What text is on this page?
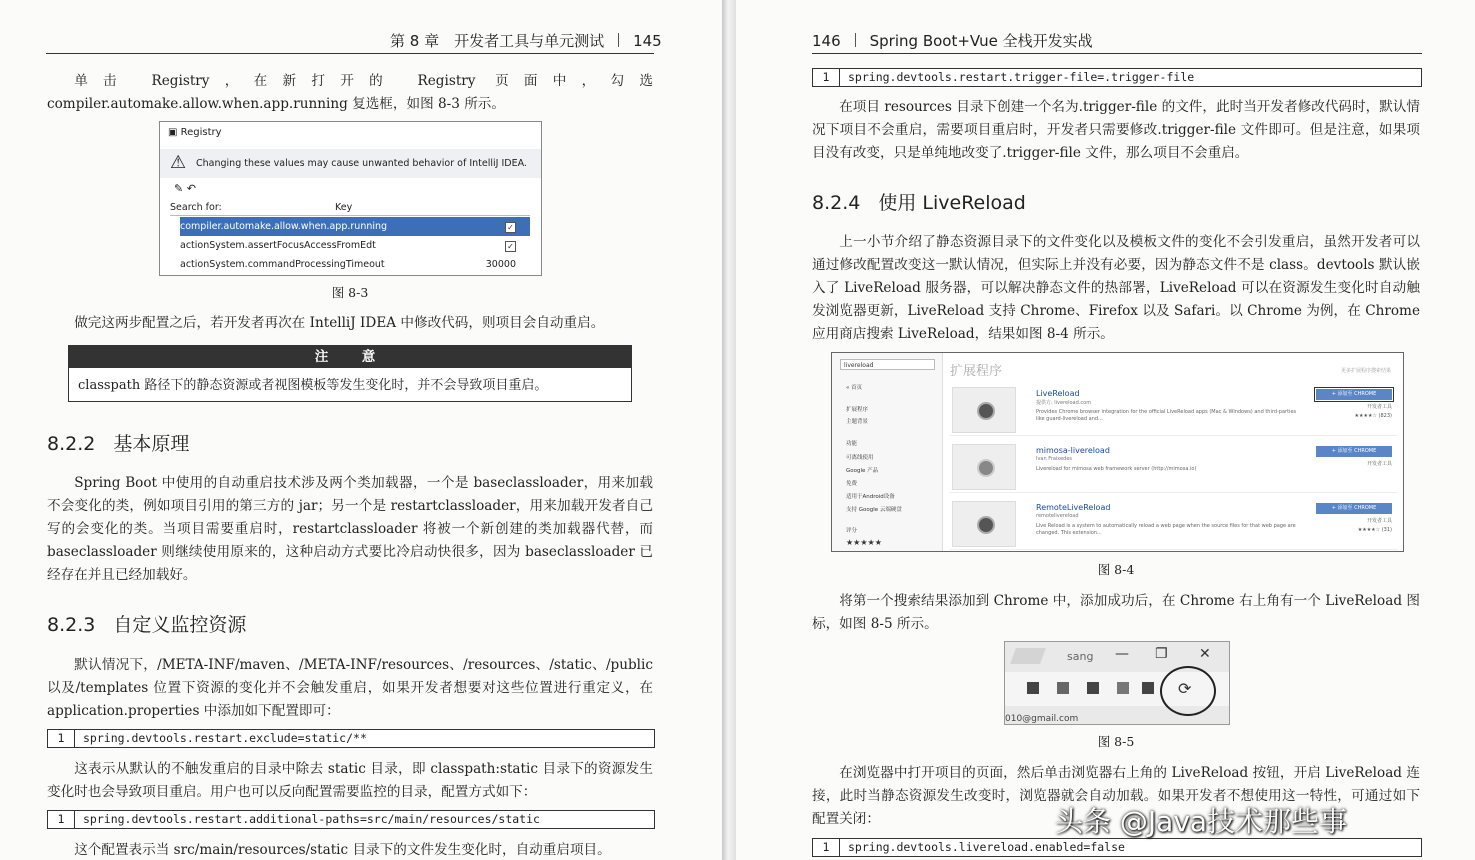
第 8 章　开发者工具与单元测试 145

单击 Registry，在新打开的 Registry 页面中，勾选 compiler.automake.allow.when.app.running 复选框，如图 8-3 所示。

▣ Registry
⚠ Changing these values may cause unwanted behavior of IntelliJ IDEA.
✎ ↶
Search for:	Key
compiler.automake.allow.when.app.running	✓
actionSystem.assertFocusAccessFromEdt	✓
actionSystem.commandProcessingTimeout	30000
图 8-3

做完这两步配置之后，若开发者再次在 IntelliJ IDEA 中修改代码，则项目会自动重启。

注　意
classpath 路径下的静态资源或者视图模板等发生变化时，并不会导致项目重启。
8.2.2 基本原理

Spring Boot 中使用的自动重启技术涉及两个类加载器，一个是 baseclassloader，用来加载不会变化的类，例如项目引用的第三方的 jar；另一个是 restartclassloader，用来加载开发者自己写的会变化的类。当项目需要重启时，restartclassloader 将被一个新创建的类加载器代替，而 baseclassloader 则继续使用原来的，这种启动方式要比冷启动快很多，因为 baseclassloader 已经存在并且已经加载好。

8.2.3 自定义监控资源

默认情况下，/META-INF/maven、/META-INF/resources、/resources、/static、/public 以及/templates 位置下资源的变化并不会触发重启，如果开发者想要对这些位置进行重定义，在 application.properties 中添加如下配置即可：

1 spring.devtools.restart.exclude=static/**

这表示从默认的不触发重启的目录中除去 static 目录，即 classpath:static 目录下的资源发生变化时也会导致项目重启。用户也可以反向配置需要监控的目录，配置方式如下：

1 spring.devtools.restart.additional-paths=src/main/resources/static

这个配置表示当 src/main/resources/static 目录下的文件发生变化时，自动重启项目。

146 Spring Boot+Vue 全栈开发实战
1 spring.devtools.restart.trigger-file=.trigger-file

在项目 resources 目录下创建一个名为.trigger-file 的文件，此时当开发者修改代码时，默认情况下项目不会重启，需要项目重启时，开发者只需要修改.trigger-file 文件即可。但是注意，如果项目没有改变，只是单纯地改变了.trigger-file 文件，那么项目不会重启。

8.2.4 使用 LiveReload

上一小节介绍了静态资源目录下的文件变化以及模板文件的变化不会引发重启，虽然开发者可以通过修改配置改变这一默认情况，但实际上并没有必要，因为静态文件不是 class。devtools 默认嵌入了 LiveReload 服务器，可以解决静态文件的热部署，LiveReload 可以在资源发生变化时自动触发浏览器更新，LiveReload 支持 Chrome、Firefox 以及 Safari。以 Chrome 为例，在 Chrome 应用商店搜索 LiveReload，结果如图 8-4 所示。

livereload
« 首页
扩展程序
主题背景
功能
可离线使用
Google 产品
免费
适用于Android设备
支持 Google 云端硬盘
评分
★★★★★
扩展程序	更多扩展程序搜索结果
LiveReload
提供方: livereload.com
Provides Chrome browser integration for the official LiveReload apps (Mac & Windows) and third-parties like guard-livereload and...
+ 添加至 CHROME
开发者工具
★★★★☆ (823)
mimosa-livereload
Ivan Fraixedes
Livereload for mimosa web framework server (http://mimosa.io)
+ 添加至 CHROME
开发者工具
RemoteLiveReload
remotelivereload
Live Reload is a system to automatically reload a web page when the source files for that web page are changed. This extension...
+ 添加至 CHROME
开发者工具
★★★★☆ (31)
图 8-4

将第一个搜索结果添加到 Chrome 中，添加成功后，在 Chrome 右上角有一个 LiveReload 图标，如图 8-5 所示。

sang — ❐ ✕
⟳
010@gmail.com
图 8-5

在浏览器中打开项目的页面，然后单击浏览器右上角的 LiveReload 按钮，开启 LiveReload 连接，此时当静态资源发生改变时，浏览器就会自动加载。如果开发者不想使用这一特性，可通过如下配置关闭：

1 spring.devtools.livereload.enabled=false
头条 @Java技术那些事
